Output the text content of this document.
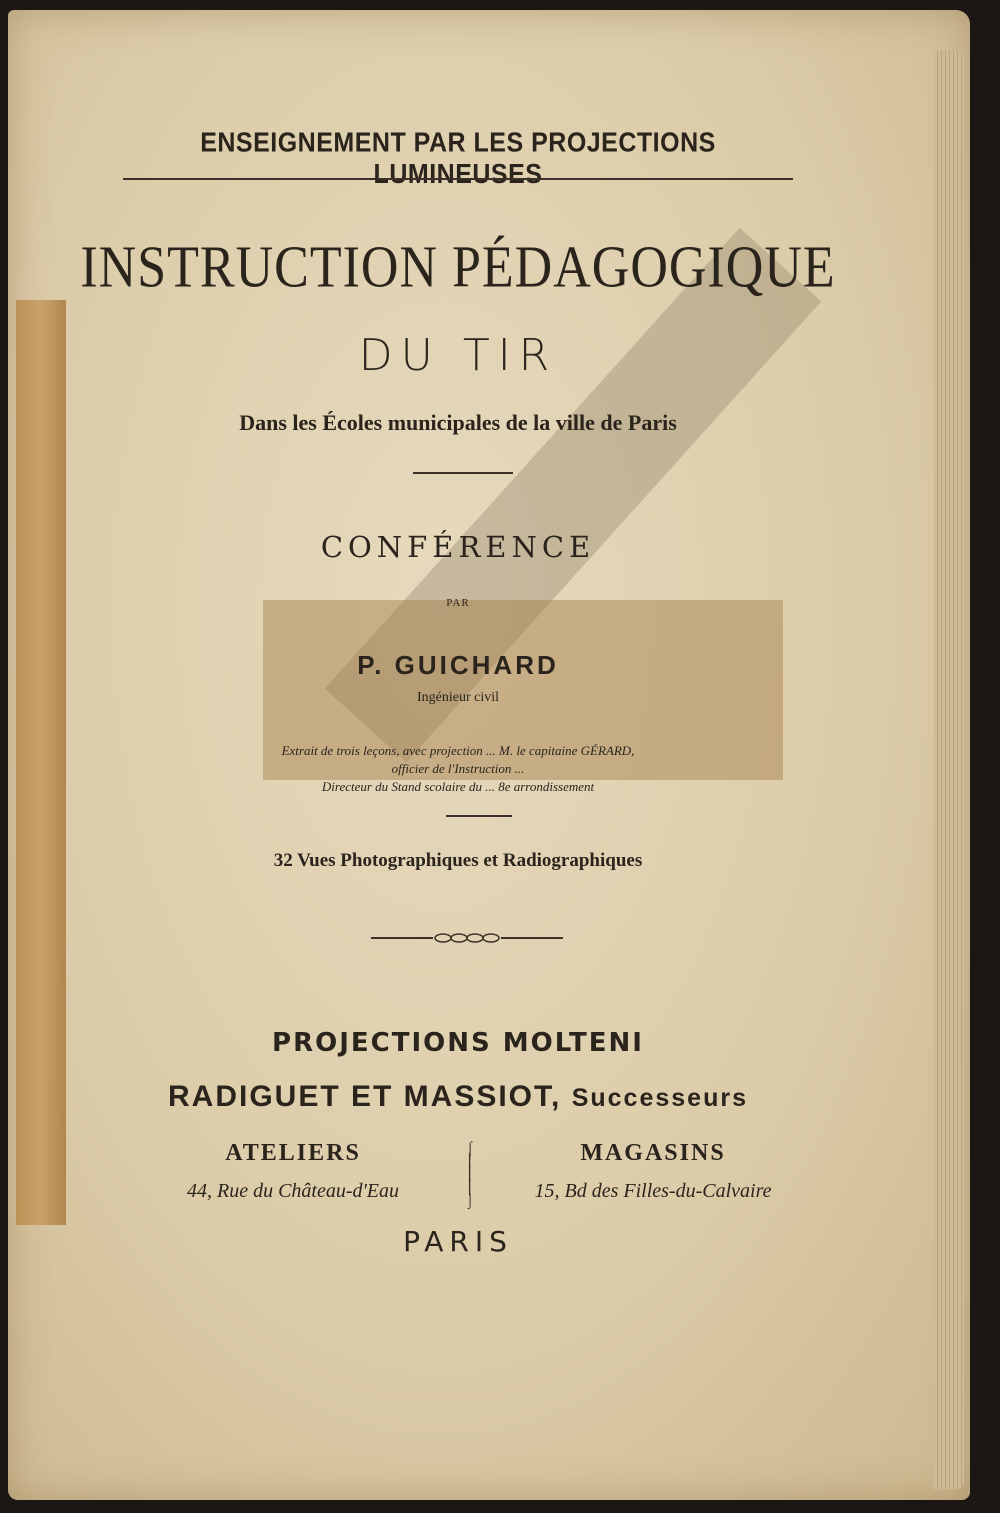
ENSEIGNEMENT PAR LES PROJECTIONS LUMINEUSES

INSTRUCTION PÉDAGOGIQUE

DU TIR

Dans les Écoles municipales de la ville de Paris

CONFÉRENCE

PAR

P. GUICHARD

Ingénieur civil

Extrait de trois leçons, avec projection ... M. le capitaine GÉRARD,
officier de l'Instruction ...
Directeur du Stand scolaire du ... 8e arrondissement

32 Vues Photographiques et Radiographiques

PROJECTIONS MOLTENI

RADIGUET ET MASSIOT, Successeurs

ATELIERS

44, Rue du Château-d'Eau

⌠
⎮
⎮
⎮
⌡

MAGASINS

15, Bd des Filles-du-Calvaire

PARIS
